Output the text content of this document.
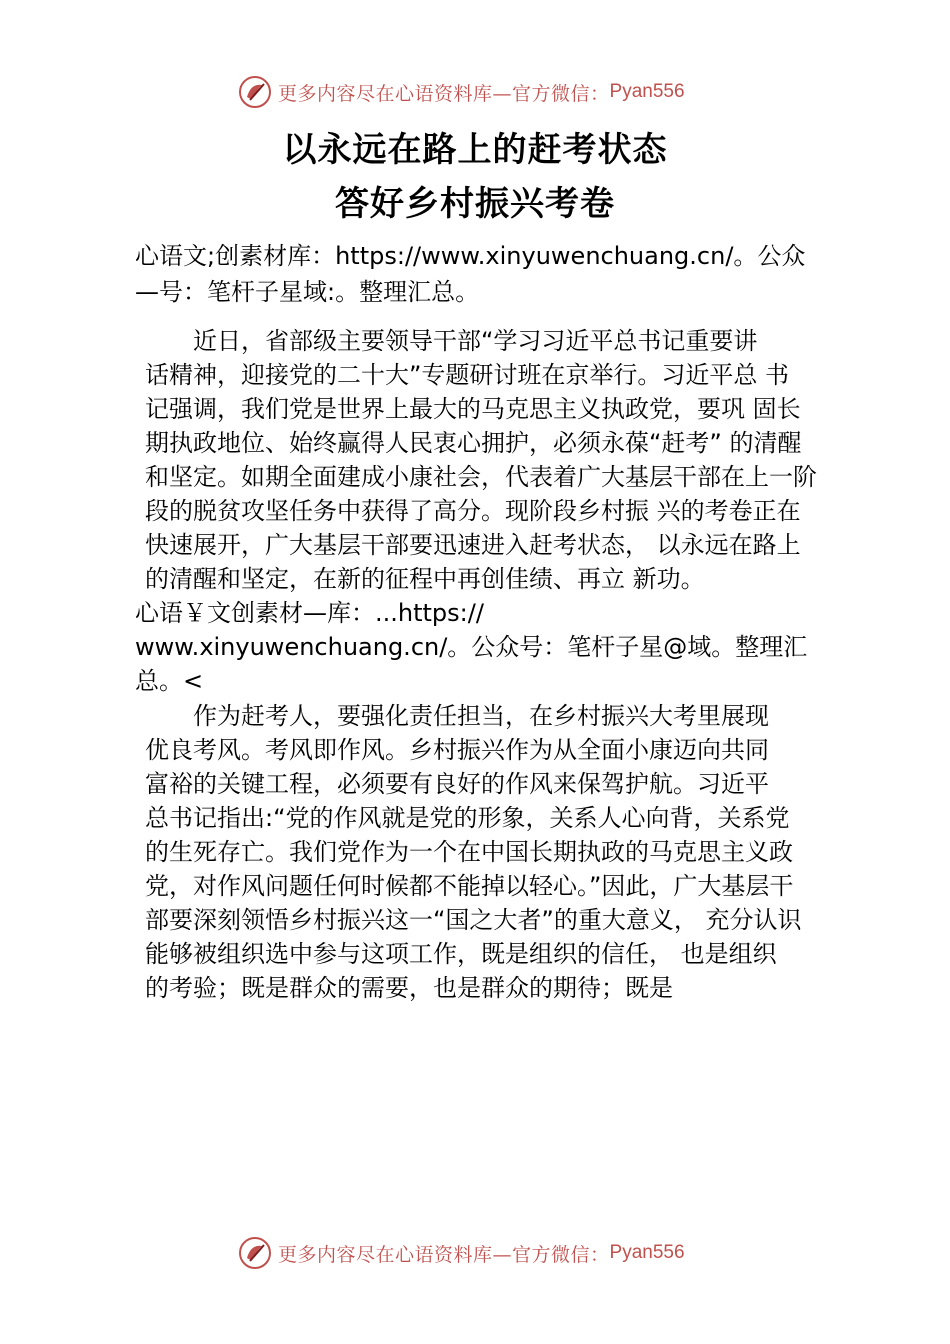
更多内容尽在心语资料库—官方微信： Pyan556
以永远在路上的赶考状态
答好乡村振兴考卷
心语文;创素材库：https://www.xinyuwenchuang.cn/。公众
—号：笔杆子星域:。整理汇总。
　　近日，省部级主要领导干部“学习习近平总书记重要讲
话精神，迎接党的二十大”专题研讨班在京举行。习近平总 书
记强调，我们党是世界上最大的马克思主义执政党，要巩 固长
期执政地位、始终赢得人民衷心拥护，必须永葆“赶考” 的清醒
和坚定。如期全面建成小康社会，代表着广大基层干部在上一阶
段的脱贫攻坚任务中获得了高分。现阶段乡村振 兴的考卷正在
快速展开，广大基层干部要迅速进入赶考状态， 以永远在路上
的清醒和坚定，在新的征程中再创佳绩、再立 新功。
心语￥文创素材—库：...https://
www.xinyuwenchuang.cn/。公众号：笔杆子星@域。整理汇
总。<
　　作为赶考人，要强化责任担当，在乡村振兴大考里展现
优良考风。考风即作风。乡村振兴作为从全面小康迈向共同
富裕的关键工程，必须要有良好的作风来保驾护航。习近平
总书记指出:“党的作风就是党的形象，关系人心向背，关系党
的生死存亡。我们党作为一个在中国长期执政的马克思主义政
党，对作风问题任何时候都不能掉以轻心。”因此，广大基层干
部要深刻领悟乡村振兴这一“国之大者”的重大意义， 充分认识
能够被组织选中参与这项工作，既是组织的信任， 也是组织
的考验；既是群众的需要，也是群众的期待；既是
更多内容尽在心语资料库—官方微信： Pyan556
